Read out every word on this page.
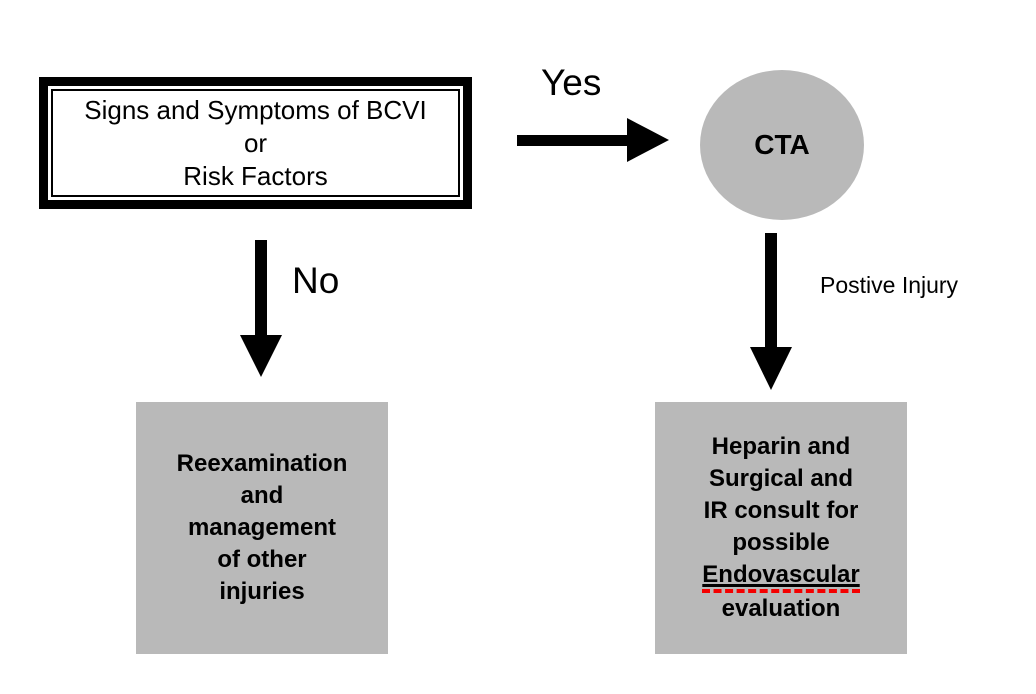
Signs and Symptoms of BCVI
or
Risk Factors
Yes
CTA
No	Postive Injury
Reexamination
and
management
of other
injuries
Heparin and
Surgical and
IR consult for
possible
Endovascular
evaluation
